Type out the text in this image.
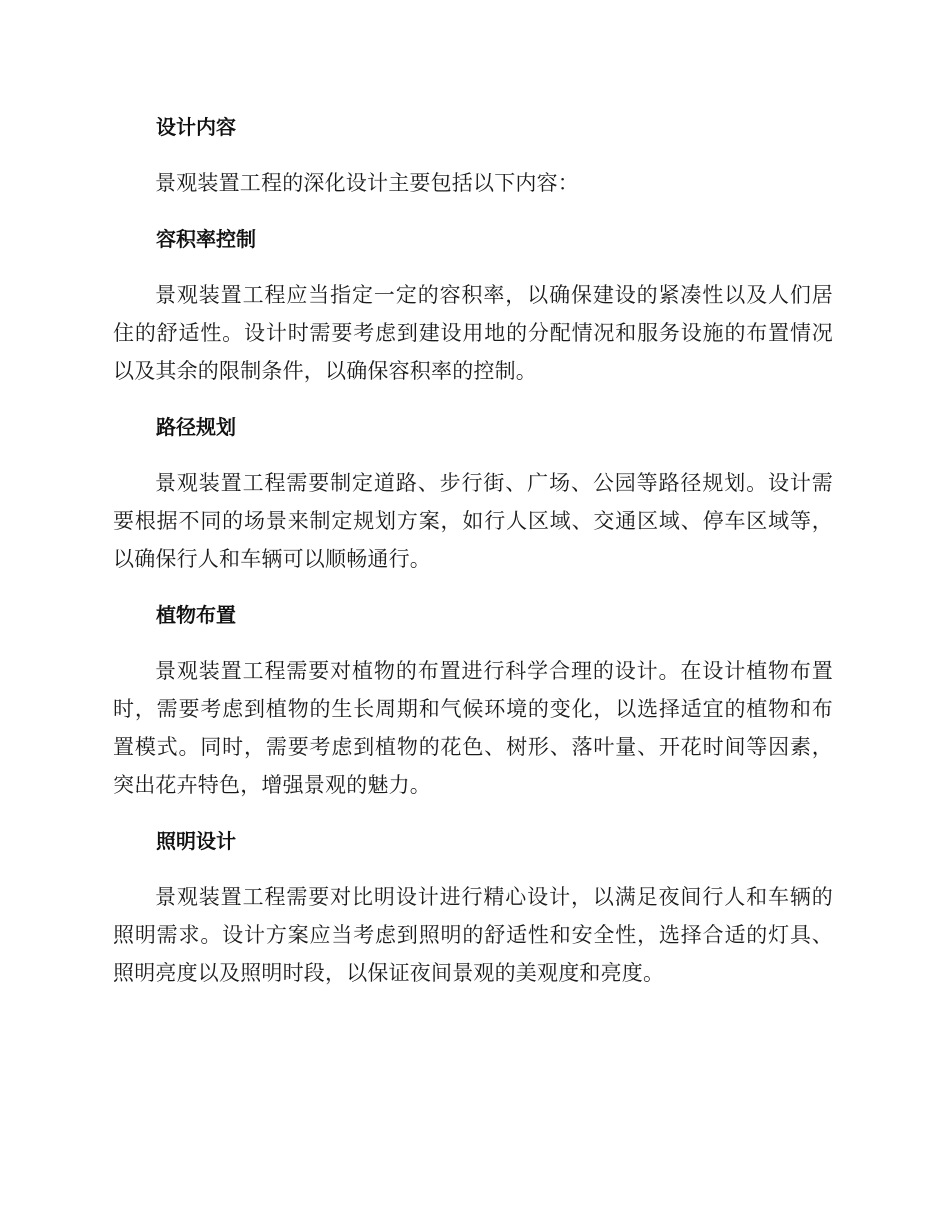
设计内容

景观装置工程的深化设计主要包括以下内容：

容积率控制

景观装置工程应当指定一定的容积率，以确保建设的紧凑性以及人们居住的舒适性。设计时需要考虑到建设用地的分配情况和服务设施的布置情况以及其余的限制条件，以确保容积率的控制。

路径规划

景观装置工程需要制定道路、步行街、广场、公园等路径规划。设计需要根据不同的场景来制定规划方案，如行人区域、交通区域、停车区域等，以确保行人和车辆可以顺畅通行。

植物布置

景观装置工程需要对植物的布置进行科学合理的设计。在设计植物布置时，需要考虑到植物的生长周期和气候环境的变化，以选择适宜的植物和布置模式。同时，需要考虑到植物的花色、树形、落叶量、开花时间等因素，突出花卉特色，增强景观的魅力。

照明设计

景观装置工程需要对比明设计进行精心设计，以满足夜间行人和车辆的照明需求。设计方案应当考虑到照明的舒适性和安全性，选择合适的灯具、照明亮度以及照明时段，以保证夜间景观的美观度和亮度。
